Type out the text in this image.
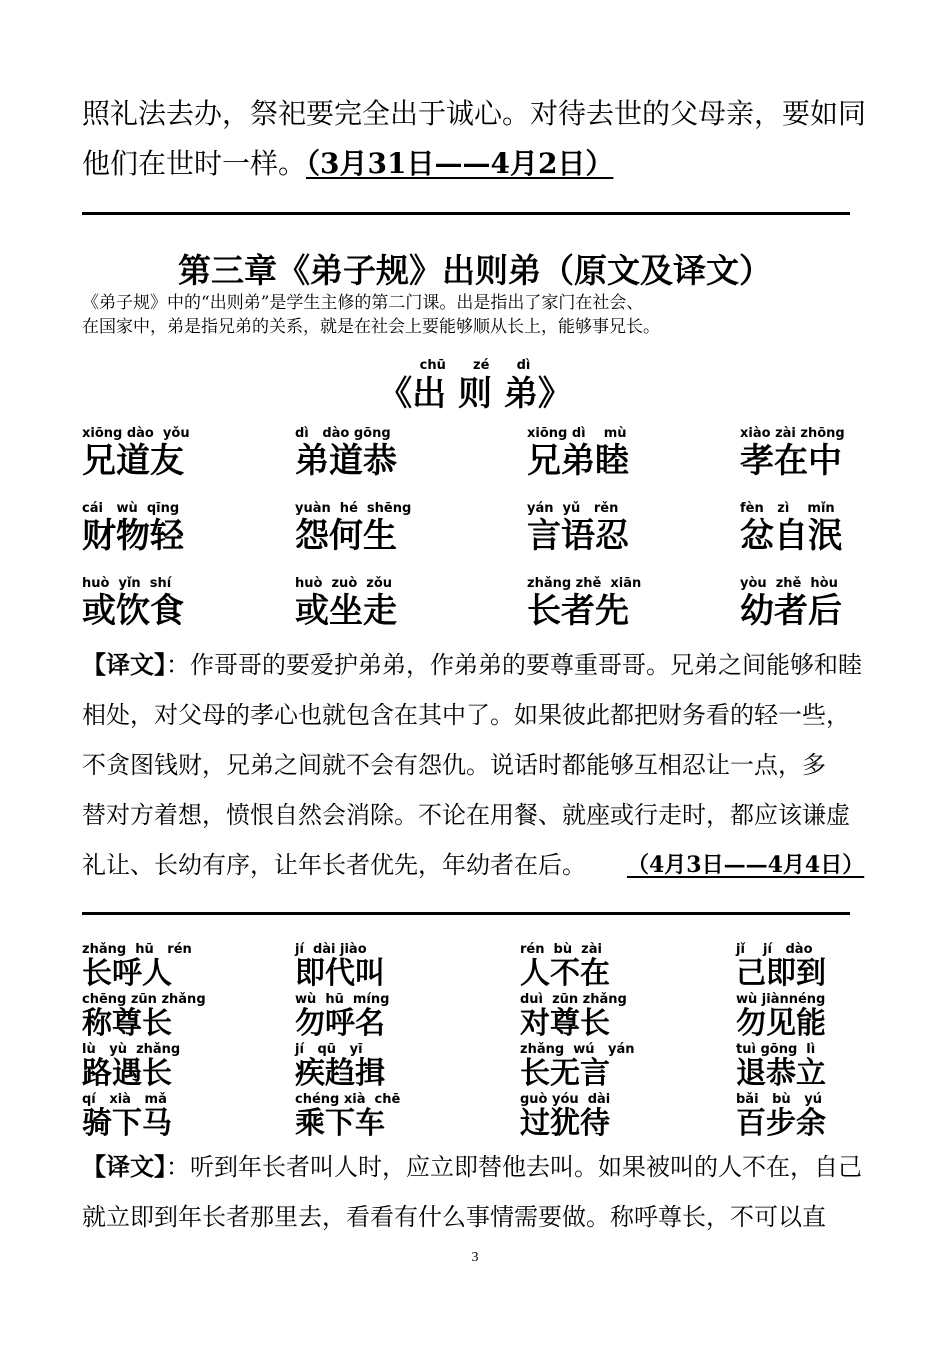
照礼法去办，祭祀要完全出于诚心。对待去世的父母亲，要如同
他们在世时一样。（3月31日——4月2日）
第三章《弟子规》出则弟（原文及译文）
《弟子规》中的“出则弟”是学生主修的第二门课。出是指出了家门在社会、
在国家中，弟是指兄弟的关系，就是在社会上要能够顺从长上，能够事兄长。
chū      zé      dì
《出 则 弟》
xiōng dào  yǒu
兄道友
dì   dào gōng
弟道恭
xiōng dì    mù
兄弟睦
xiào zài zhōng
孝在中
cái   wù  qīng
财物轻
yuàn  hé  shēng
怨何生
yán  yǔ   rěn
言语忍
fèn   zì    mǐn
忿自泯
huò  yǐn  shí
或饮食
huò  zuò  zǒu
或坐走
zhǎng zhě  xiān
长者先
yòu  zhě  hòu
幼者后
【译文】：作哥哥的要爱护弟弟，作弟弟的要尊重哥哥。兄弟之间能够和睦
相处，对父母的孝心也就包含在其中了。如果彼此都把财务看的轻一些，
不贪图钱财，兄弟之间就不会有怨仇。说话时都能够互相忍让一点，多
替对方着想，愤恨自然会消除。不论在用餐、就座或行走时，都应该谦虚
礼让、长幼有序，让年长者优先，年幼者在后。 （4月3日——4月4日）
zhǎng  hū   rén
长呼人
jí  dài jiào
即代叫
rén  bù  zài
人不在
jǐ    jí   dào
己即到
chēng zūn zhǎng
称尊长
wù  hū  míng
勿呼名
duì  zūn zhǎng
对尊长
wù jiànnéng
勿见能
lù   yù  zhǎng
路遇长
jí   qū   yī
疾趋揖
zhǎng  wú   yán
长无言
tuì gōng  lì
退恭立
qí   xià   mǎ
骑下马
chéng xià  chē
乘下车
guò yóu  dài
过犹待
bǎi   bù   yú
百步余
【译文】：听到年长者叫人时，应立即替他去叫。如果被叫的人不在，自己
就立即到年长者那里去，看看有什么事情需要做。称呼尊长，不可以直
3
